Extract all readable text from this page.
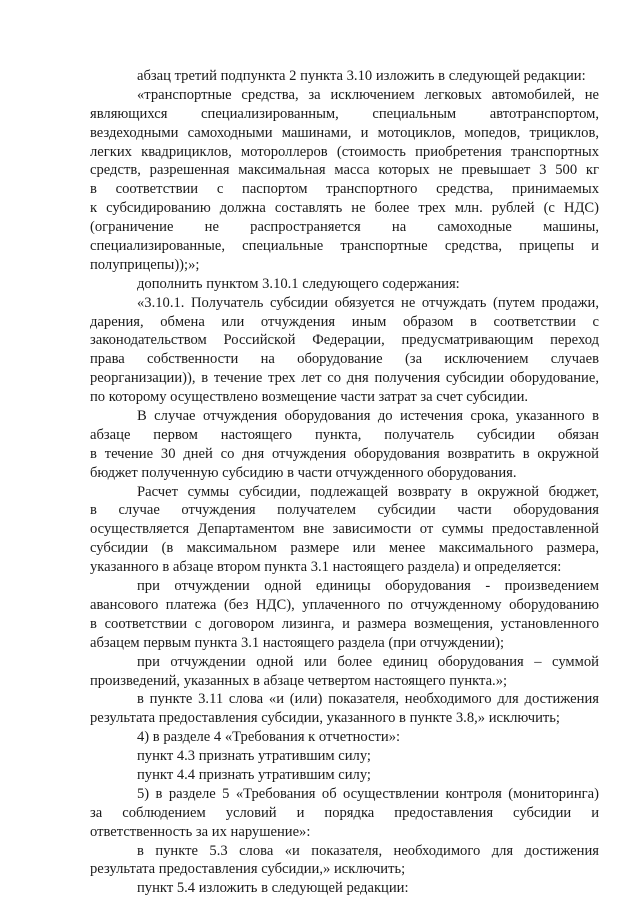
абзац третий подпункта 2 пункта 3.10 изложить в следующей редакции:
«транспортные средства, за исключением легковых автомобилей, не
являющихся специализированным, специальным автотранспортом,
вездеходными самоходными машинами, и мотоциклов, мопедов, трициклов,
легких квадрициклов, мотороллеров (стоимость приобретения транспортных
средств, разрешенная максимальная масса которых не превышает 3 500 кг
в соответствии с паспортом транспортного средства, принимаемых
к субсидированию должна составлять не более трех млн. рублей (с НДС)
(ограничение не распространяется на самоходные машины,
специализированные, специальные транспортные средства, прицепы и
полуприцепы));»;
дополнить пунктом 3.10.1 следующего содержания:
«3.10.1. Получатель субсидии обязуется не отчуждать (путем продажи,
дарения, обмена или отчуждения иным образом в соответствии с
законодательством Российской Федерации, предусматривающим переход
права собственности на оборудование (за исключением случаев
реорганизации)), в течение трех лет со дня получения субсидии оборудование,
по которому осуществлено возмещение части затрат за счет субсидии.
В случае отчуждения оборудования до истечения срока, указанного в
абзаце первом настоящего пункта, получатель субсидии обязан
в течение 30 дней со дня отчуждения оборудования возвратить в окружной
бюджет полученную субсидию в части отчужденного оборудования.
Расчет суммы субсидии, подлежащей возврату в окружной бюджет,
в случае отчуждения получателем субсидии части оборудования
осуществляется Департаментом вне зависимости от суммы предоставленной
субсидии (в максимальном размере или менее максимального размера,
указанного в абзаце втором пункта 3.1 настоящего раздела) и определяется:
при отчуждении одной единицы оборудования - произведением
авансового платежа (без НДС), уплаченного по отчужденному оборудованию
в соответствии с договором лизинга, и размера возмещения, установленного
абзацем первым пункта 3.1 настоящего раздела (при отчуждении);
при отчуждении одной или более единиц оборудования – суммой
произведений, указанных в абзаце четвертом настоящего пункта.»;
в пункте 3.11 слова «и (или) показателя, необходимого для достижения
результата предоставления субсидии, указанного в пункте 3.8,» исключить;
4) в разделе 4 «Требования к отчетности»:
пункт 4.3 признать утратившим силу;
пункт 4.4 признать утратившим силу;
5) в разделе 5 «Требования об осуществлении контроля (мониторинга)
за соблюдением условий и порядка предоставления субсидии и
ответственность за их нарушение»:
в пункте 5.3 слова «и показателя, необходимого для достижения
результата предоставления субсидии,» исключить;
пункт 5.4 изложить в следующей редакции:
